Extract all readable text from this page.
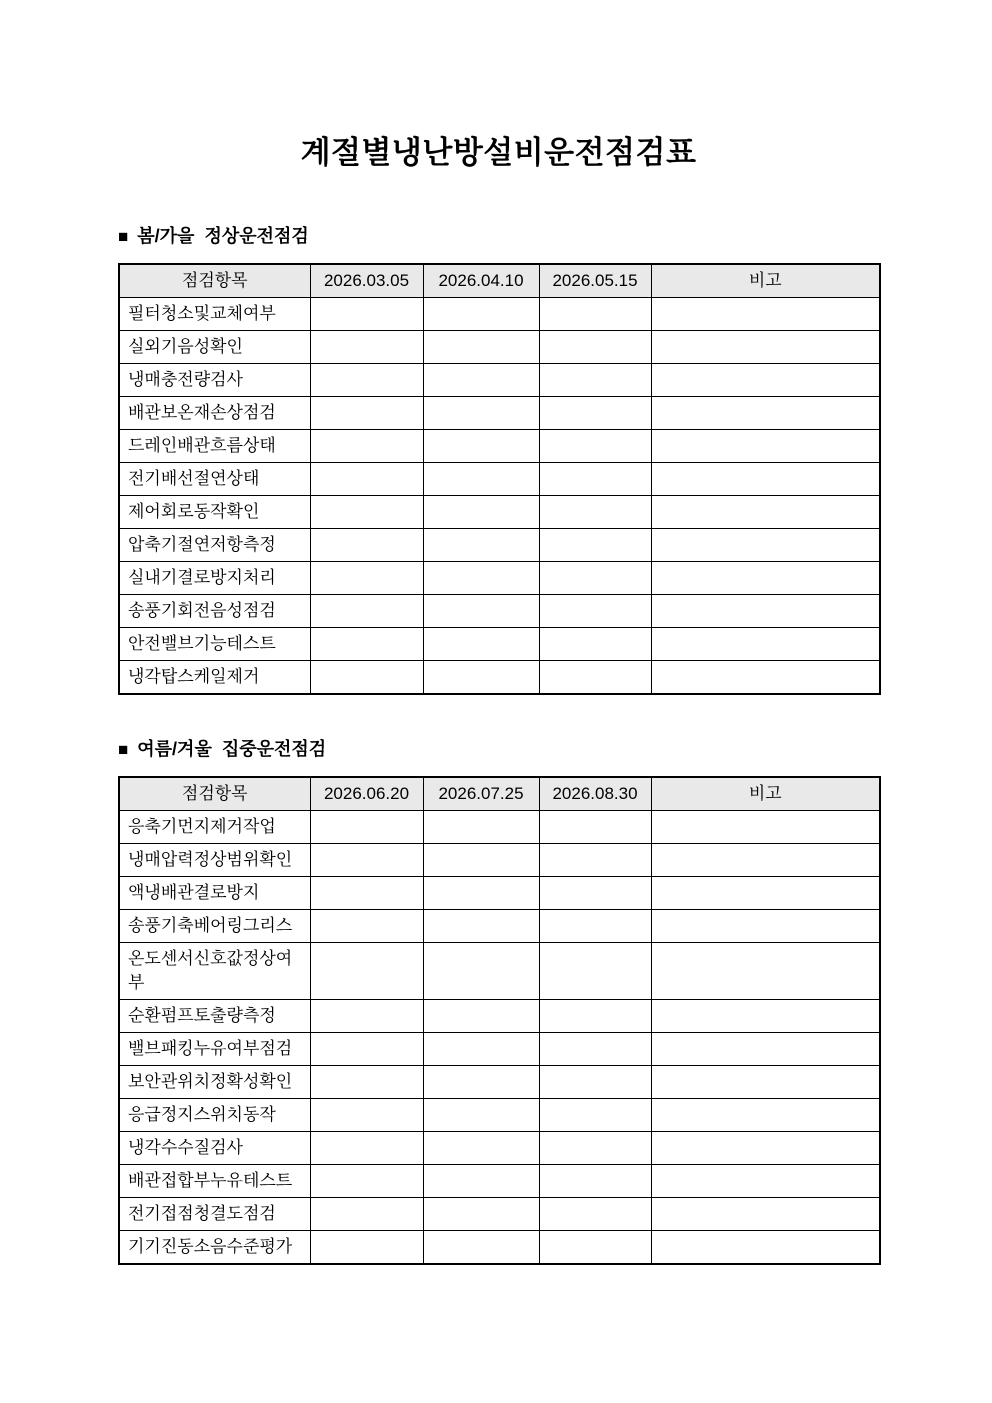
계절별냉난방설비운전점검표
■ 봄/가을  정상운전점검
점검항목	2026.03.05	2026.04.10	2026.05.15	비고
필터청소및교체여부				
실외기음성확인				
냉매충전량검사				
배관보온재손상점검				
드레인배관흐름상태				
전기배선절연상태				
제어회로동작확인				
압축기절연저항측정				
실내기결로방지처리				
송풍기회전음성점검				
안전밸브기능테스트				
냉각탑스케일제거				
■ 여름/겨울  집중운전점검
점검항목	2026.06.20	2026.07.25	2026.08.30	비고
응축기먼지제거작업				
냉매압력정상범위확인				
액냉배관결로방지				
송풍기축베어링그리스				
온도센서신호값정상여부				
순환펌프토출량측정				
밸브패킹누유여부점검				
보안관위치정확성확인				
응급정지스위치동작				
냉각수수질검사				
배관접합부누유테스트				
전기접점청결도점검				
기기진동소음수준평가				
